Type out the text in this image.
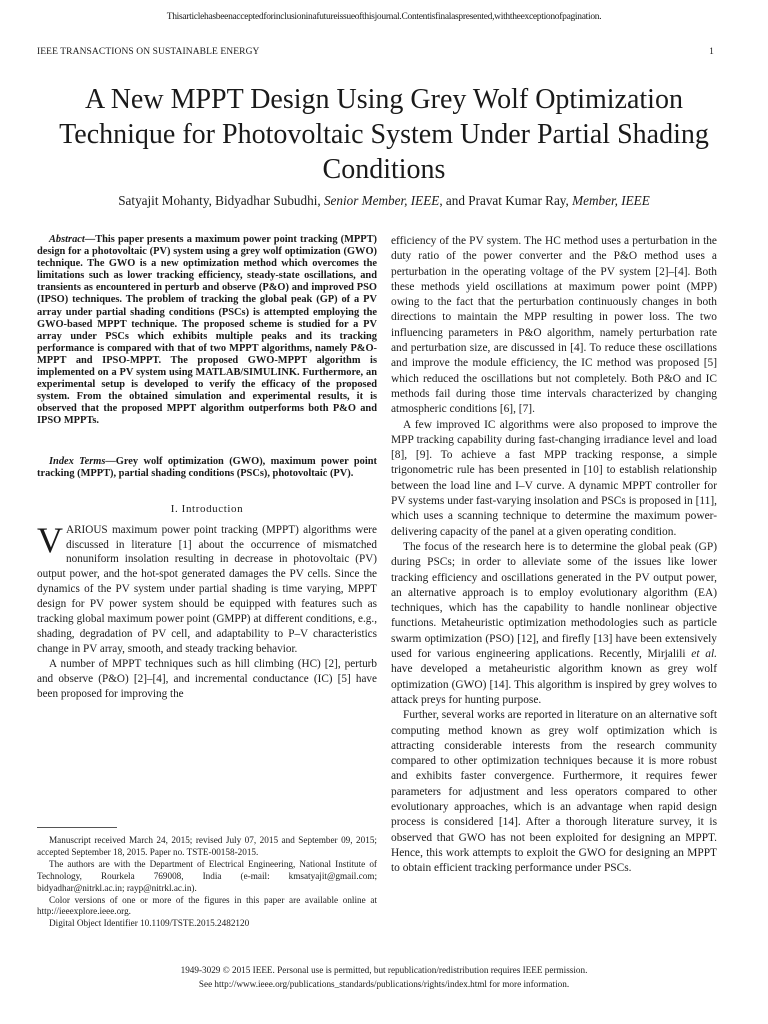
Thisarticlehasbeenacceptedforinclusioninafutureissueofthisjournal.Contentisfinalaspresented,withtheexceptionofpagination.
IEEE TRANSACTIONS ON SUSTAINABLE ENERGY	1
A New MPPT Design Using Grey Wolf Optimization Technique for Photovoltaic System Under Partial Shading Conditions
Satyajit Mohanty, Bidyadhar Subudhi, Senior Member, IEEE, and Pravat Kumar Ray, Member, IEEE

Abstract—This paper presents a maximum power point tracking (MPPT) design for a photovoltaic (PV) system using a grey wolf optimization (GWO) technique. The GWO is a new optimization method which overcomes the limitations such as lower tracking efficiency, steady-state oscillations, and transients as encountered in perturb and observe (P&O) and improved PSO (IPSO) techniques. The problem of tracking the global peak (GP) of a PV array under partial shading conditions (PSCs) is attempted employing the GWO-based MPPT technique. The proposed scheme is studied for a PV array under PSCs which exhibits multiple peaks and its tracking performance is compared with that of two MPPT algorithms, namely P&O-MPPT and IPSO-MPPT. The proposed GWO-MPPT algorithm is implemented on a PV system using MATLAB/SIMULINK. Furthermore, an experimental setup is developed to verify the efficacy of the proposed system. From the obtained simulation and experimental results, it is observed that the proposed MPPT algorithm outperforms both P&O and IPSO MPPTs.

Index Terms—Grey wolf optimization (GWO), maximum power point tracking (MPPT), partial shading conditions (PSCs), photovoltaic (PV).

I. Introduction

VARIOUS maximum power point tracking (MPPT) algorithms were discussed in literature [1] about the occurrence of mismatched nonuniform insolation resulting in decrease in photovoltaic (PV) output power, and the hot-spot generated damages the PV cells. Since the dynamics of the PV system under partial shading is time varying, MPPT design for PV power system should be equipped with features such as tracking global maximum power point (GMPP) at different conditions, e.g., shading, degradation of PV cell, and adaptability to P–V characteristics change in PV array, smooth, and steady tracking behavior.

A number of MPPT techniques such as hill climbing (HC) [2], perturb and observe (P&O) [2]–[4], and incremental conductance (IC) [5] have been proposed for improving the

Manuscript received March 24, 2015; revised July 07, 2015 and September 09, 2015; accepted September 18, 2015. Paper no. TSTE-00158-2015.

The authors are with the Department of Electrical Engineering, National Institute of Technology, Rourkela 769008, India (e-mail: kmsatyajit@gmail.com; bidyadhar@nitrkl.ac.in; rayp@nitrkl.ac.in).

Color versions of one or more of the figures in this paper are available online at http://ieeexplore.ieee.org.

Digital Object Identifier 10.1109/TSTE.2015.2482120

efficiency of the PV system. The HC method uses a perturbation in the duty ratio of the power converter and the P&O method uses a perturbation in the operating voltage of the PV system [2]–[4]. Both these methods yield oscillations at maximum power point (MPP) owing to the fact that the perturbation continuously changes in both directions to maintain the MPP resulting in power loss. The two influencing parameters in P&O algorithm, namely perturbation rate and perturbation size, are discussed in [4]. To reduce these oscillations and improve the module efficiency, the IC method was proposed [5] which reduced the oscillations but not completely. Both P&O and IC methods fail during those time intervals characterized by changing atmospheric conditions [6], [7].

A few improved IC algorithms were also proposed to improve the MPP tracking capability during fast-changing irradiance level and load [8], [9]. To achieve a fast MPP tracking response, a simple trigonometric rule has been presented in [10] to establish relationship between the load line and I–V curve. A dynamic MPPT controller for PV systems under fast-varying insolation and PSCs is proposed in [11], which uses a scanning technique to determine the maximum power-delivering capacity of the panel at a given operating condition.

The focus of the research here is to determine the global peak (GP) during PSCs; in order to alleviate some of the issues like lower tracking efficiency and oscillations generated in the PV output power, an alternative approach is to employ evolutionary algorithm (EA) techniques, which has the capability to handle nonlinear objective functions. Metaheuristic optimization methodologies such as particle swarm optimization (PSO) [12], and firefly [13] have been extensively used for various engineering applications. Recently, Mirjalili et al. have developed a metaheuristic algorithm known as grey wolf optimization (GWO) [14]. This algorithm is inspired by grey wolves to attack preys for hunting purpose.

Further, several works are reported in literature on an alternative soft computing method known as grey wolf optimization which is attracting considerable interests from the research community compared to other optimization techniques because it is more robust and exhibits faster convergence. Furthermore, it requires fewer parameters for adjustment and less operators compared to other evolutionary approaches, which is an advantage when rapid design process is considered [14]. After a thorough literature survey, it is observed that GWO has not been exploited for designing an MPPT. Hence, this work attempts to exploit the GWO for designing an MPPT to obtain efficient tracking performance under PSCs.

1949-3029 © 2015 IEEE. Personal use is permitted, but republication/redistribution requires IEEE permission.
See http://www.ieee.org/publications_standards/publications/rights/index.html for more information.
